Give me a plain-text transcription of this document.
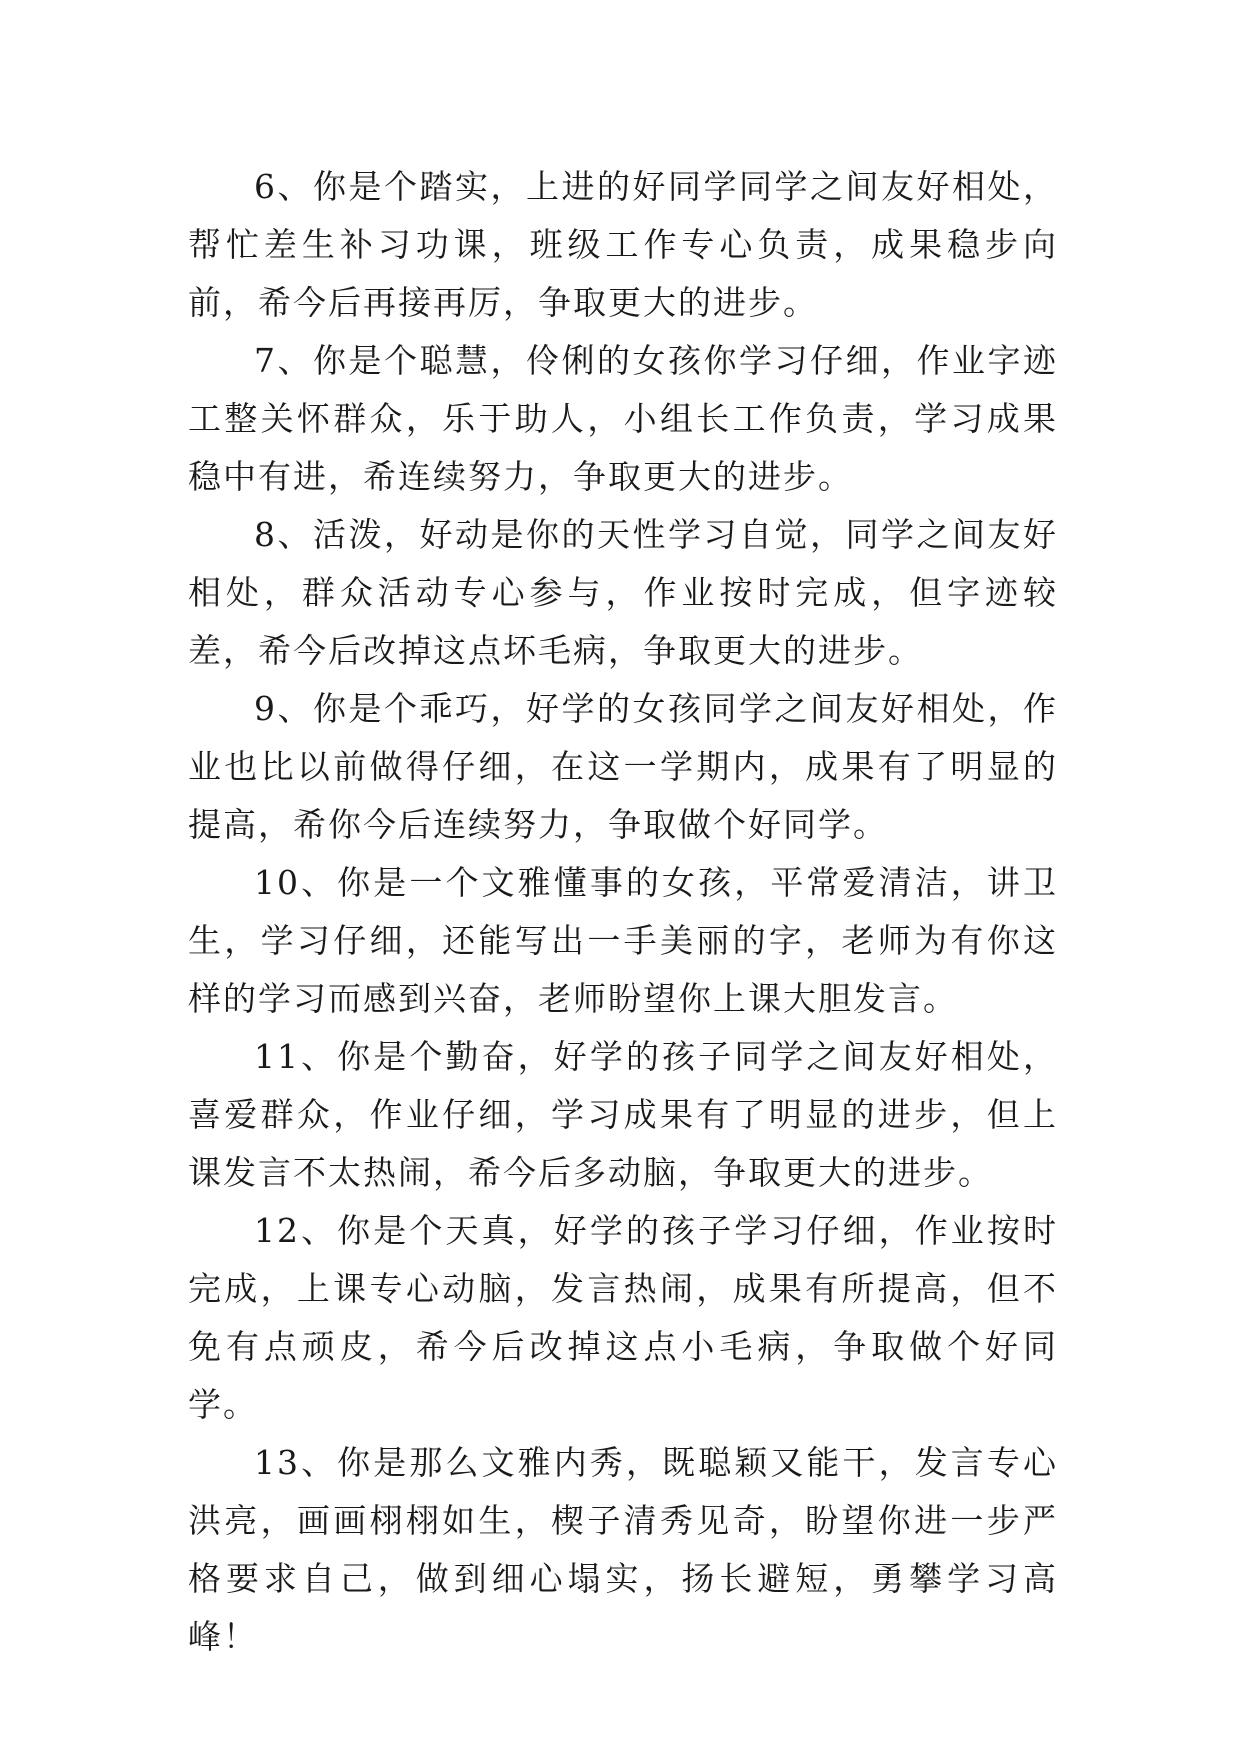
6、你是个踏实，上进的好同学同学之间友好相处，帮忙差生补习功课，班级工作专心负责，成果稳步向前，希今后再接再厉，争取更大的进步。

7、你是个聪慧，伶俐的女孩你学习仔细，作业字迹工整关怀群众，乐于助人，小组长工作负责，学习成果稳中有进，希连续努力，争取更大的进步。

8、活泼，好动是你的天性学习自觉，同学之间友好相处，群众活动专心参与，作业按时完成，但字迹较差，希今后改掉这点坏毛病，争取更大的进步。

9、你是个乖巧，好学的女孩同学之间友好相处，作业也比以前做得仔细，在这一学期内，成果有了明显的提高，希你今后连续努力，争取做个好同学。

10、你是一个文雅懂事的女孩，平常爱清洁，讲卫生，学习仔细，还能写出一手美丽的字，老师为有你这样的学习而感到兴奋，老师盼望你上课大胆发言。

11、你是个勤奋，好学的孩子同学之间友好相处，喜爱群众，作业仔细，学习成果有了明显的进步，但上课发言不太热闹，希今后多动脑，争取更大的进步。

12、你是个天真，好学的孩子学习仔细，作业按时完成，上课专心动脑，发言热闹，成果有所提高，但不免有点顽皮，希今后改掉这点小毛病，争取做个好同学。

13、你是那么文雅内秀，既聪颖又能干，发言专心洪亮，画画栩栩如生，楔子清秀见奇，盼望你进一步严格要求自己，做到细心塌实，扬长避短，勇攀学习高峰！
